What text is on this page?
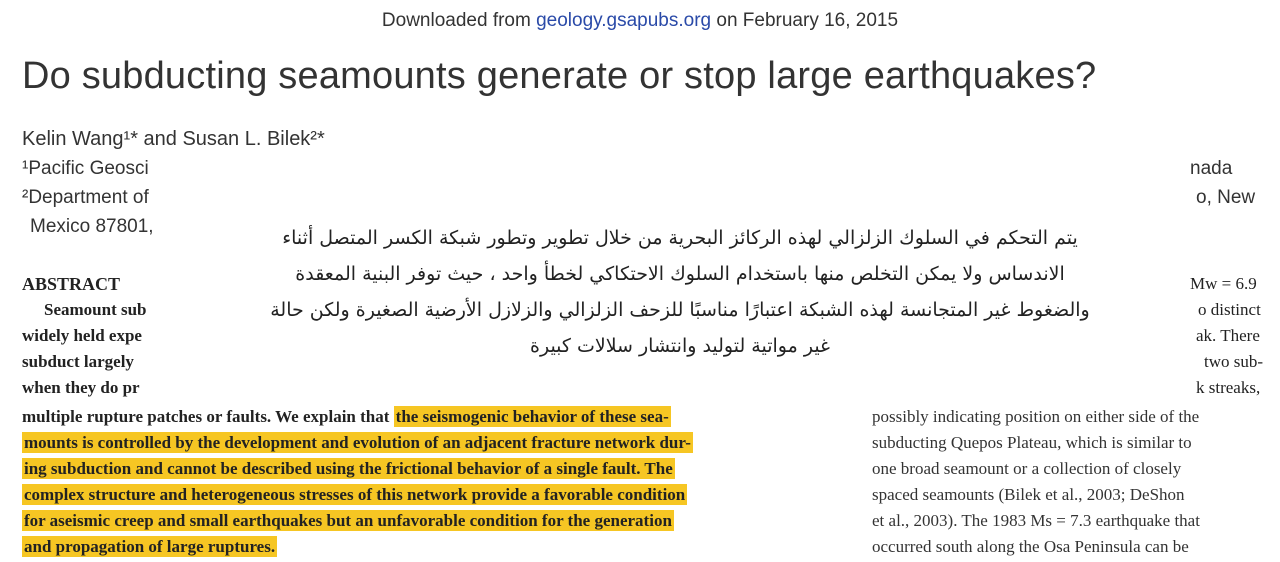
Downloaded from geology.gsapubs.org on February 16, 2015
Do subducting seamounts generate or stop large earthquakes?
Kelin Wang¹* and Susan L. Bilek²*
¹Pacific Geosci	nada
²Department of	o, New
Mexico 87801,
ABSTRACT
Seamount sub
widely held expe
subduct largely
when they do pr
Mw = 6.9
o distinct
ak. There
two sub-
k streaks,
multiple rupture patches or faults. We explain that the seismogenic behavior of these sea-
mounts is controlled by the development and evolution of an adjacent fracture network dur-
ing subduction and cannot be described using the frictional behavior of a single fault. The
complex structure and heterogeneous stresses of this network provide a favorable condition
for aseismic creep and small earthquakes but an unfavorable condition for the generation
and propagation of large ruptures.
possibly indicating position on either side of the
subducting Quepos Plateau, which is similar to
one broad seamount or a collection of closely
spaced seamounts (Bilek et al., 2003; DeShon
et al., 2003). The 1983 Ms = 7.3 earthquake that
occurred south along the Osa Peninsula can be
يتم التحكم في السلوك الزلزالي لهذه الركائز البحرية من خلال تطوير وتطور شبكة الكسر المتصل أثناء
الاندساس ولا يمكن التخلص منها باستخدام السلوك الاحتكاكي لخطأ واحد ، حيث توفر البنية المعقدة
والضغوط غير المتجانسة لهذه الشبكة اعتبارًا مناسبًا للزحف الزلزالي والزلازل الأرضية الصغيرة ولكن حالة
غير مواتية لتوليد وانتشار سلالات كبيرة
